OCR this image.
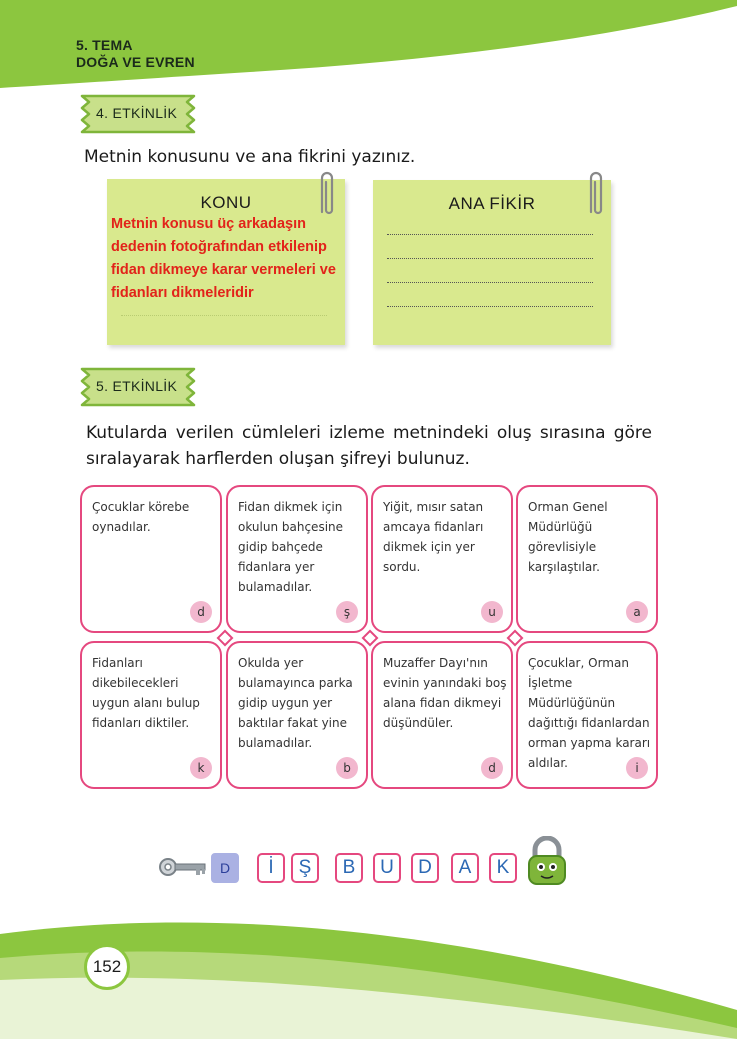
5. TEMA
DOĞA VE EVREN
4. ETKİNLİK
Metnin konusunu ve ana fikrini yazınız.
KONU
Metnin konusu üç arkadaşın dedenin fotoğrafından etkilenip fidan dikmeye karar vermeleri ve fidanları dikmeleridir
ANA FİKİR
5. ETKİNLİK
Kutularda verilen cümleleri izleme metnindeki oluş sırasına göre sıralayarak harflerden oluşan şifreyi bulunuz.
Çocuklar körebe oynadılar.
d
Fidan dikmek için okulun bahçesine gidip bahçede fidanlara yer bulamadılar.
ş
Yiğit, mısır satan amcaya fidanları dikmek için yer sordu.
u
Orman Genel Müdürlüğü görevlisiyle karşılaştılar.
a
Fidanları dikebilecekleri uygun alanı bulup fidanları diktiler.
k
Okulda yer bulamayınca parka gidip uygun yer baktılar fakat yine bulamadılar.
b
Muzaffer Dayı'nın evinin yanındaki boş alana fidan dikmeyi düşündüler.
d
Çocuklar, Orman İşletme Müdürlüğünün dağıttığı fidanlardan orman yapma kararı aldılar.	i
D	İ	Ş	B	U	D	A	K
152
